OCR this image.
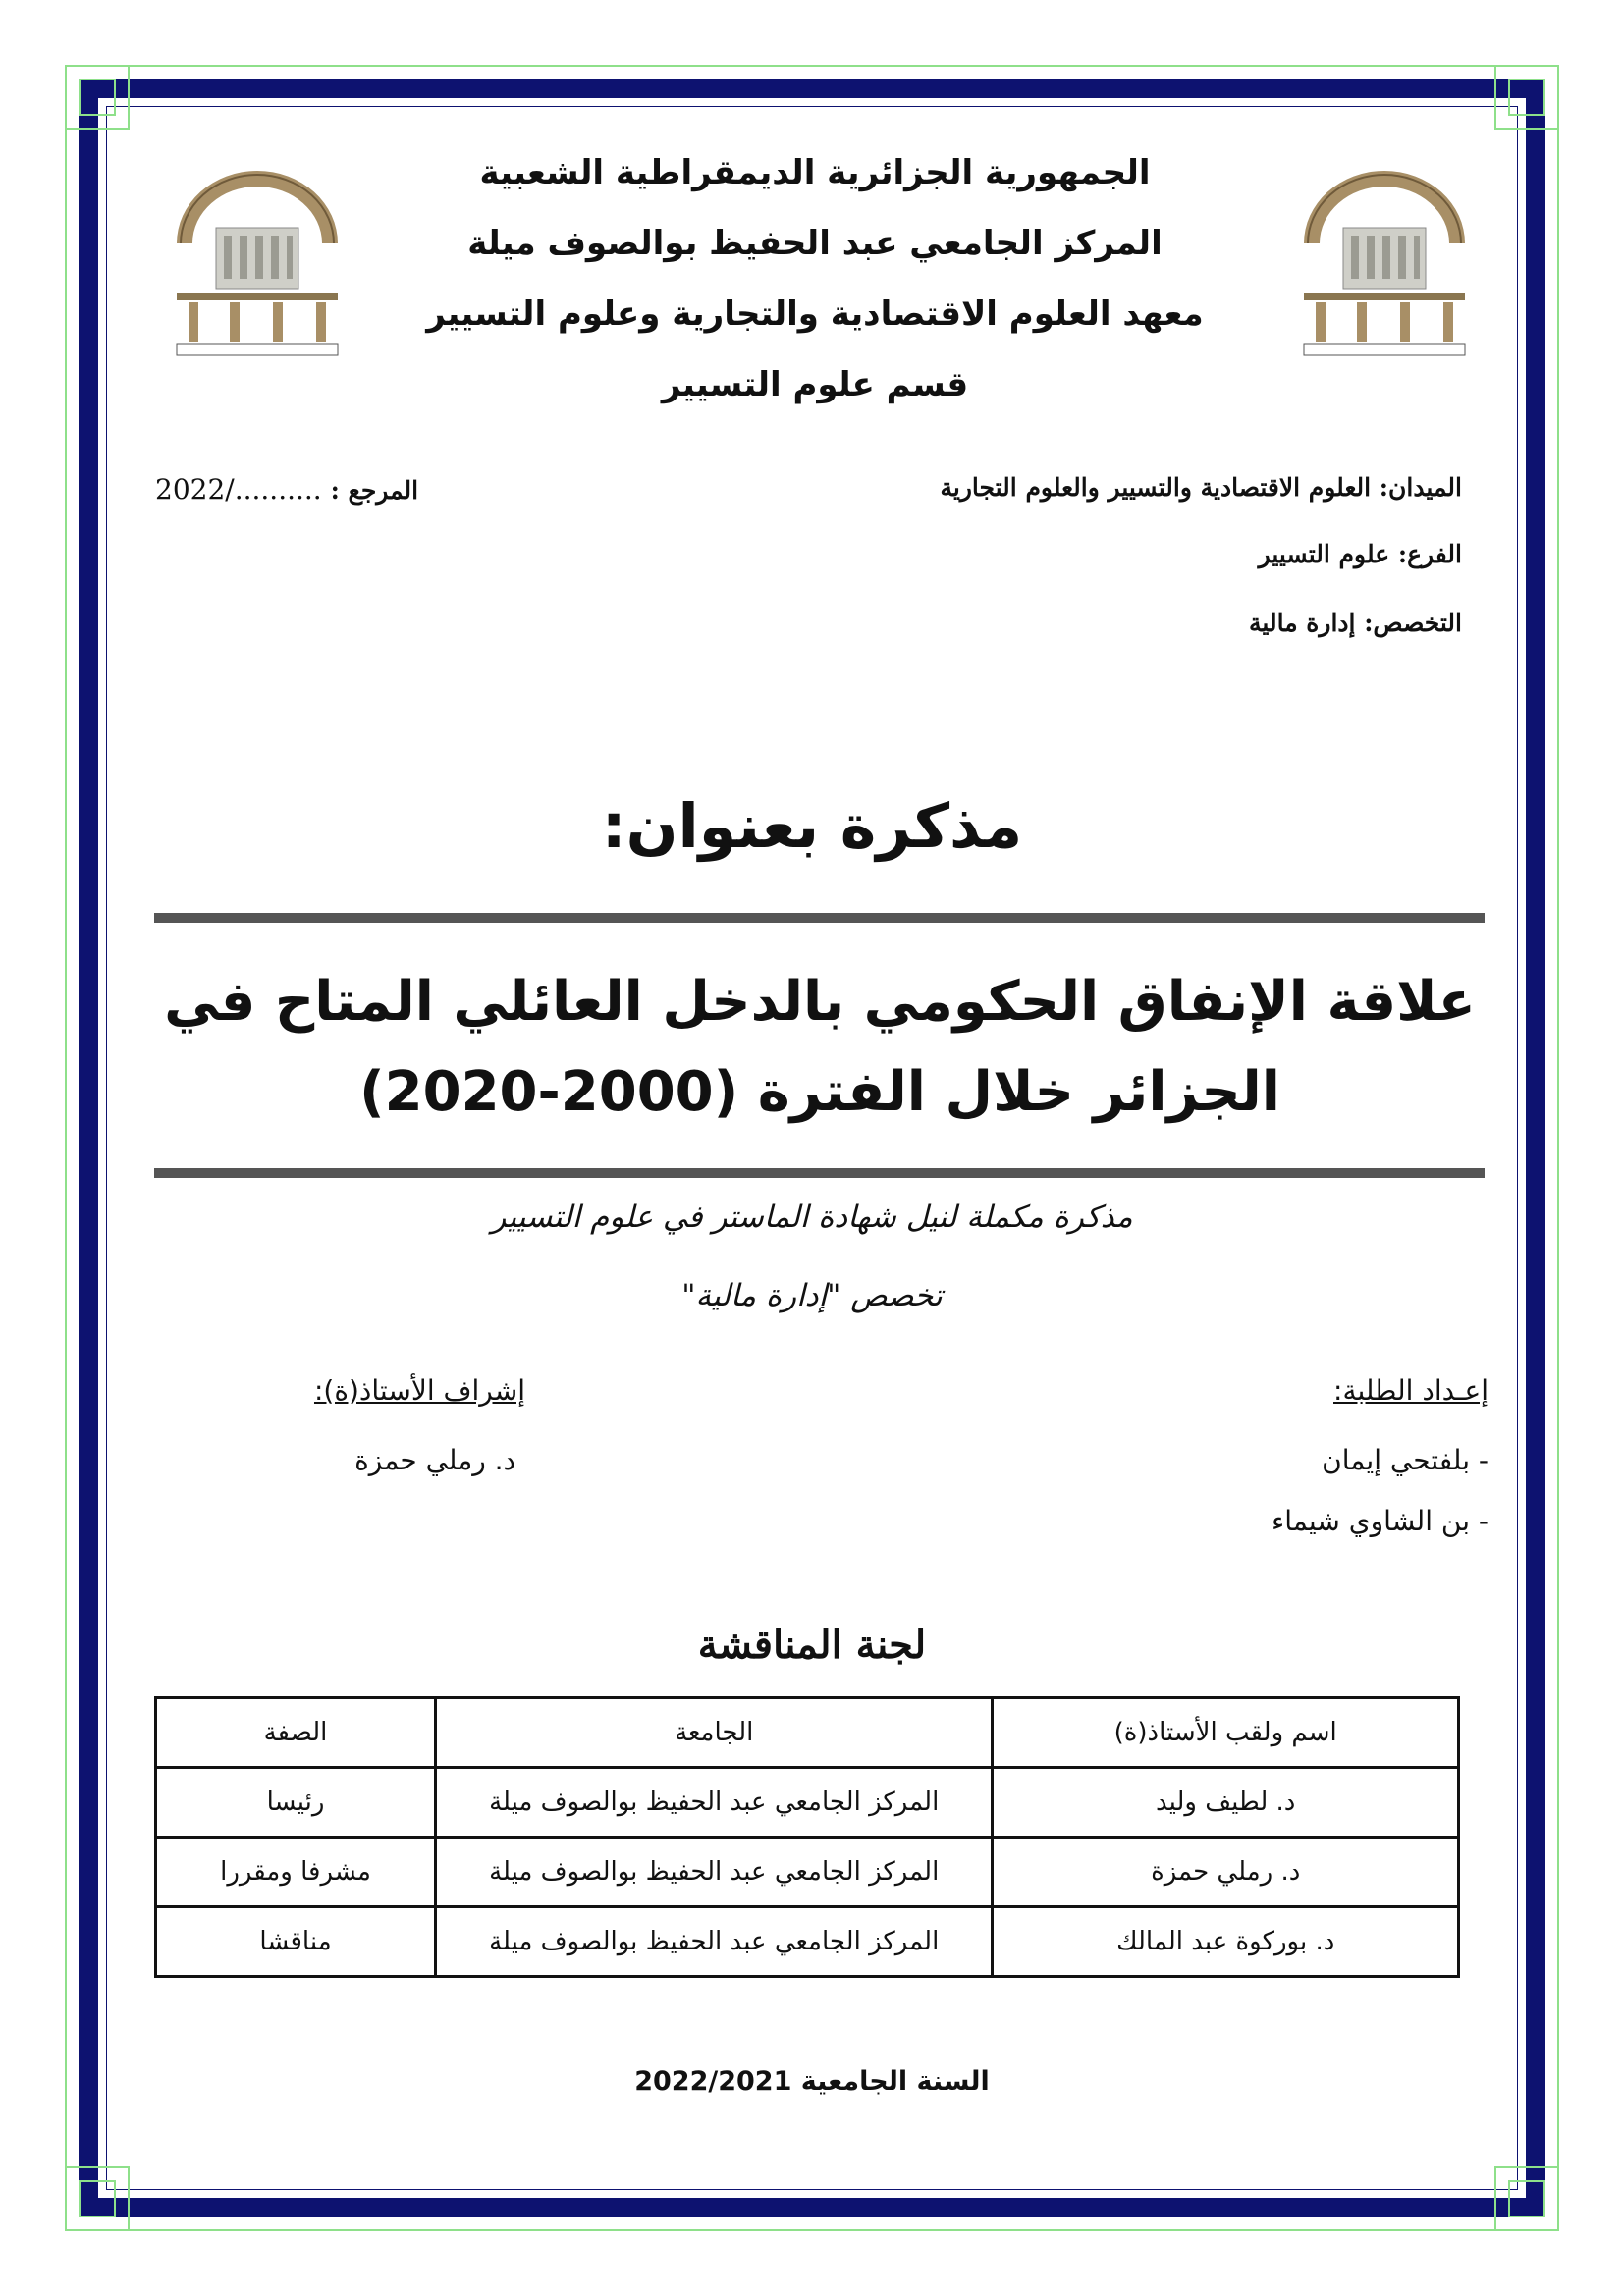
الجمهورية الجزائرية الديمقراطية الشعبية
المركز الجامعي عبد الحفيظ بوالصوف ميلة
معهد العلوم الاقتصادية والتجارية وعلوم التسيير
قسم علوم التسيير
الميدان: العلوم الاقتصادية والتسيير والعلوم التجارية
الفرع: علوم التسيير
التخصص: إدارة مالية
2022/.......... المرجع :
مذكرة بعنوان:
علاقة الإنفاق الحكومي بالدخل العائلي المتاح في
الجزائر خلال الفترة (2000-2020)
مذكرة مكملة لنيل شهادة الماستر في علوم التسيير
تخصص "إدارة مالية"
إعـداد الطلبة:
- بلفتحي إيمان
- بن الشاوي شيماء
إشراف الأستاذ(ة):
د. رملي حمزة
لجنة المناقشة
اسم ولقب الأستاذ(ة)	الجامعة	الصفة
د. لطيف وليد	المركز الجامعي عبد الحفيظ بوالصوف ميلة	رئيسا
د. رملي حمزة	المركز الجامعي عبد الحفيظ بوالصوف ميلة	مشرفا ومقررا
د. بوركوة عبد المالك	المركز الجامعي عبد الحفيظ بوالصوف ميلة	مناقشا
السنة الجامعية 2022/2021
